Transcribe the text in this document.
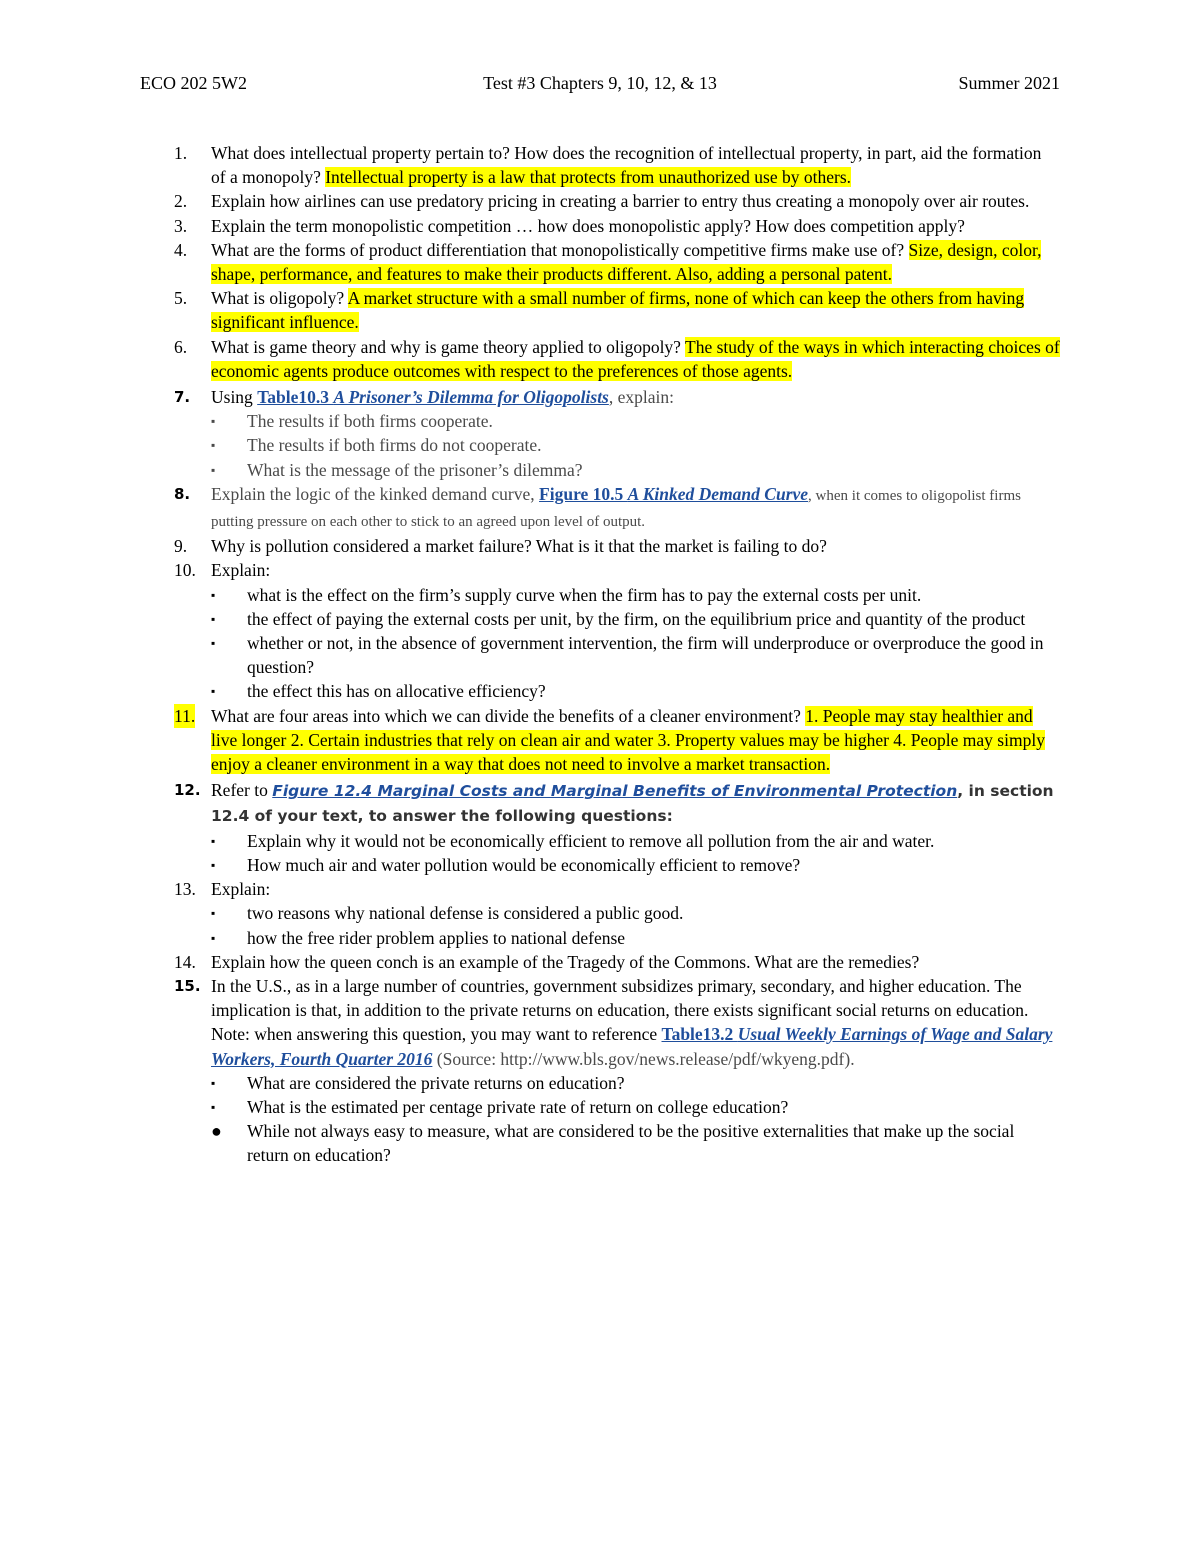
ECO 202 5W2	Test #3 Chapters 9, 10, 12, & 13	Summer 2021
1. What does intellectual property pertain to? How does the recognition of intellectual property, in part, aid the formation of a monopoly? Intellectual property is a law that protects from unauthorized use by others.
2. Explain how airlines can use predatory pricing in creating a barrier to entry thus creating a monopoly over air routes.
3. Explain the term monopolistic competition … how does monopolistic apply? How does competition apply?
4. What are the forms of product differentiation that monopolistically competitive firms make use of? Size, design, color, shape, performance, and features to make their products different. Also, adding a personal patent.
5. What is oligopoly? A market structure with a small number of firms, none of which can keep the others from having significant influence.
6. What is game theory and why is game theory applied to oligopoly? The study of the ways in which interacting choices of economic agents produce outcomes with respect to the preferences of those agents.
7. Using Table10.3 A Prisoner’s Dilemma for Oligopolists, explain:
▪ The results if both firms cooperate.
▪ The results if both firms do not cooperate.
▪ What is the message of the prisoner’s dilemma?
8. Explain the logic of the kinked demand curve, Figure 10.5 A Kinked Demand Curve, when it comes to oligopolist firms putting pressure on each other to stick to an agreed upon level of output.
9. Why is pollution considered a market failure? What is it that the market is failing to do?
10. Explain:
▪ what is the effect on the firm’s supply curve when the firm has to pay the external costs per unit.
▪ the effect of paying the external costs per unit, by the firm, on the equilibrium price and quantity of the product
▪ whether or not, in the absence of government intervention, the firm will underproduce or overproduce the good in question?
▪ the effect this has on allocative efficiency?
11. What are four areas into which we can divide the benefits of a cleaner environment? 1. People may stay healthier and live longer 2. Certain industries that rely on clean air and water 3. Property values may be higher 4. People may simply enjoy a cleaner environment in a way that does not need to involve a market transaction.
12. Refer to Figure 12.4 Marginal Costs and Marginal Benefits of Environmental Protection, in section 12.4 of your text, to answer the following questions:
▪ Explain why it would not be economically efficient to remove all pollution from the air and water.
▪ How much air and water pollution would be economically efficient to remove?
13. Explain:
▪ two reasons why national defense is considered a public good.
▪ how the free rider problem applies to national defense
14. Explain how the queen conch is an example of the Tragedy of the Commons. What are the remedies?
15. In the U.S., as in a large number of countries, government subsidizes primary, secondary, and higher education. The implication is that, in addition to the private returns on education, there exists significant social returns on education. Note: when answering this question, you may want to reference Table13.2 Usual Weekly Earnings of Wage and Salary Workers, Fourth Quarter 2016 (Source: http://www.bls.gov/news.release/pdf/wkyeng.pdf).
▪ What are considered the private returns on education?
▪ What is the estimated per centage private rate of return on college education?
● While not always easy to measure, what are considered to be the positive externalities that make up the social return on education?
